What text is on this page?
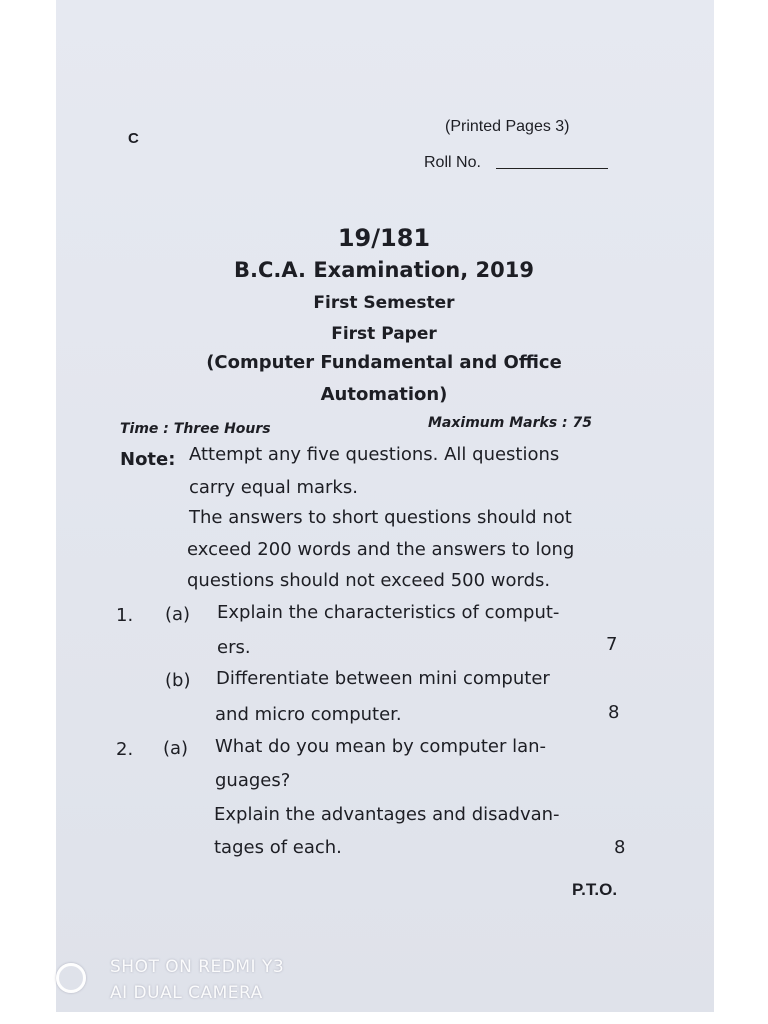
C
(Printed Pages 3)
Roll No.
19/181
B.C.A. Examination, 2019
First Semester
First Paper
(Computer Fundamental and Office
Automation)
Time : Three Hours	Maximum Marks : 75
Note: Attempt any five questions. All questions
carry equal marks.
The answers to short questions should not
exceed 200 words and the answers to long
questions should not exceed 500 words.
1. (a) Explain the characteristics of comput-
ers.	7
(b) Differentiate between mini computer
and micro computer.	8
2. (a) What do you mean by computer lan-
guages?
Explain the advantages and disadvan-
tages of each.	8
P.T.O.
SHOT ON REDMI Y3
AI DUAL CAMERA
